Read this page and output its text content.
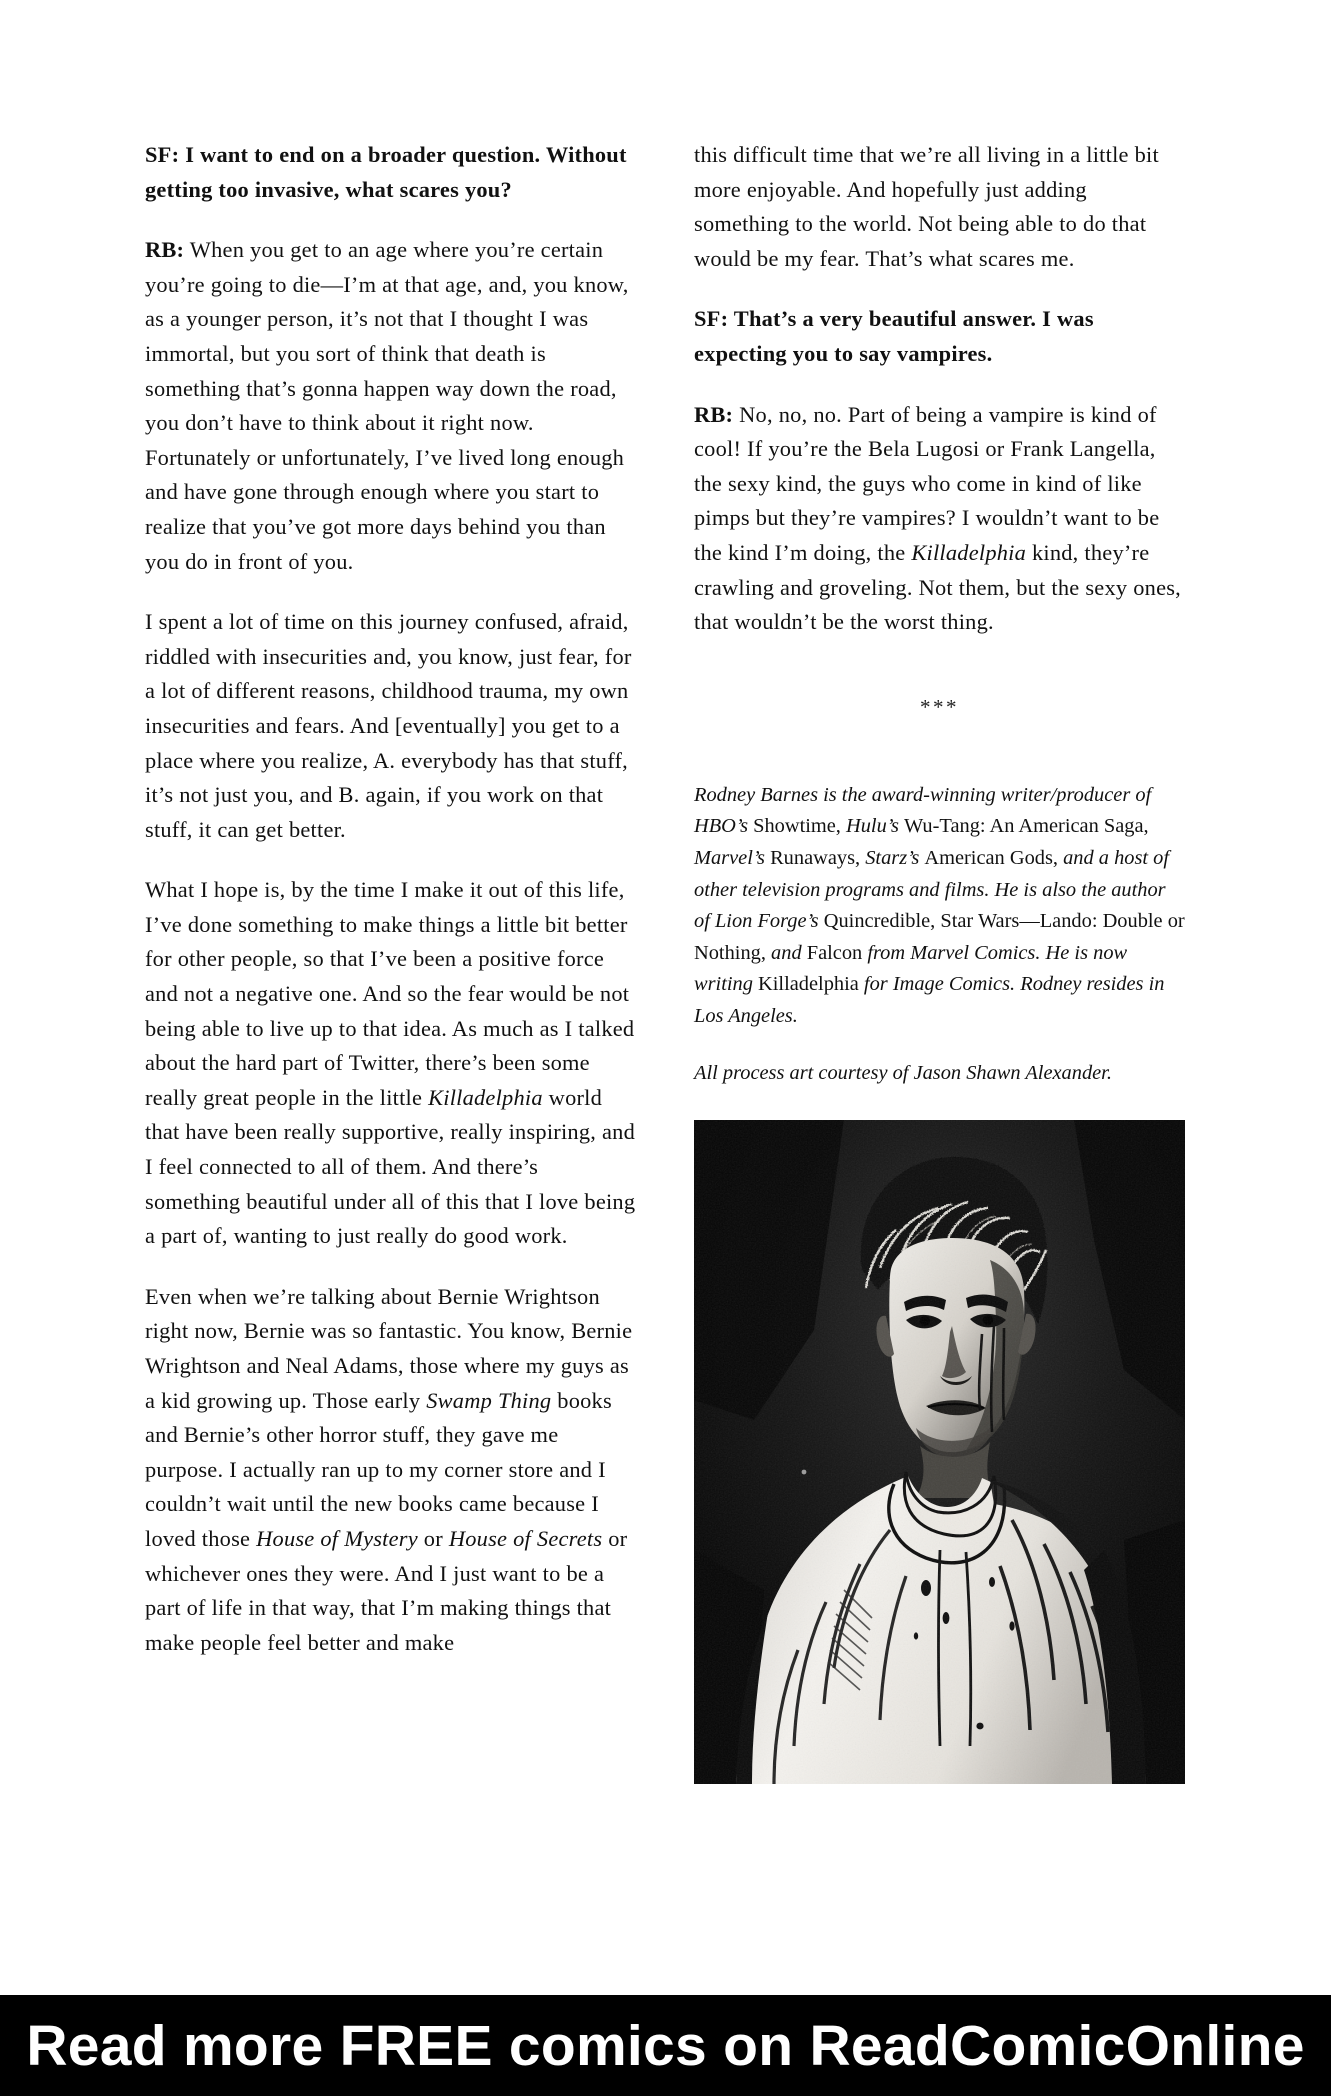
SF: I want to end on a broader question. Without getting too invasive, what scares you?

RB: When you get to an age where you’re certain you’re going to die—I’m at that age, and, you know, as a younger person, it’s not that I thought I was immortal, but you sort of think that death is something that’s gonna happen way down the road, you don’t have to think about it right now. Fortunately or unfortunately, I’ve lived long enough and have gone through enough where you start to realize that you’ve got more days behind you than you do in front of you.

I spent a lot of time on this journey confused, afraid, riddled with insecurities and, you know, just fear, for a lot of different reasons, childhood trauma, my own insecurities and fears. And [eventually] you get to a place where you realize, A. everybody has that stuff, it’s not just you, and B. again, if you work on that stuff, it can get better.

What I hope is, by the time I make it out of this life, I’ve done something to make things a little bit better for other people, so that I’ve been a positive force and not a negative one. And so the fear would be not being able to live up to that idea. As much as I talked about the hard part of Twitter, there’s been some really great people in the little Killadelphia world that have been really supportive, really inspiring, and I feel connected to all of them. And there’s something beautiful under all of this that I love being a part of, wanting to just really do good work.

Even when we’re talking about Bernie Wrightson right now, Bernie was so fantastic. You know, Bernie Wrightson and Neal Adams, those where my guys as a kid growing up. Those early Swamp Thing books and Bernie’s other horror stuff, they gave me purpose. I actually ran up to my corner store and I couldn’t wait until the new books came because I loved those House of Mystery or House of Secrets or whichever ones they were. And I just want to be a part of life in that way, that I’m making things that make people feel better and make

this difficult time that we’re all living in a little bit more enjoyable. And hopefully just adding something to the world. Not being able to do that would be my fear. That’s what scares me.

SF: That’s a very beautiful answer. I was expecting you to say vampires.

RB: No, no, no. Part of being a vampire is kind of cool! If you’re the Bela Lugosi or Frank Langella, the sexy kind, the guys who come in kind of like pimps but they’re vampires? I wouldn’t want to be the kind I’m doing, the Killadelphia kind, they’re crawling and groveling. Not them, but the sexy ones, that wouldn’t be the worst thing.

***

Rodney Barnes is the award-winning writer/producer of HBO’s Showtime, Hulu’s Wu-Tang: An American Saga, Marvel’s Runaways, Starz’s American Gods, and a host of other television programs and films. He is also the author of Lion Forge’s Quincredible, Star Wars—Lando: Double or Nothing, and Falcon from Marvel Comics. He is now writing Killadelphia for Image Comics. Rodney resides in Los Angeles.

All process art courtesy of Jason Shawn Alexander.

Read more FREE comics on ReadComicOnline
